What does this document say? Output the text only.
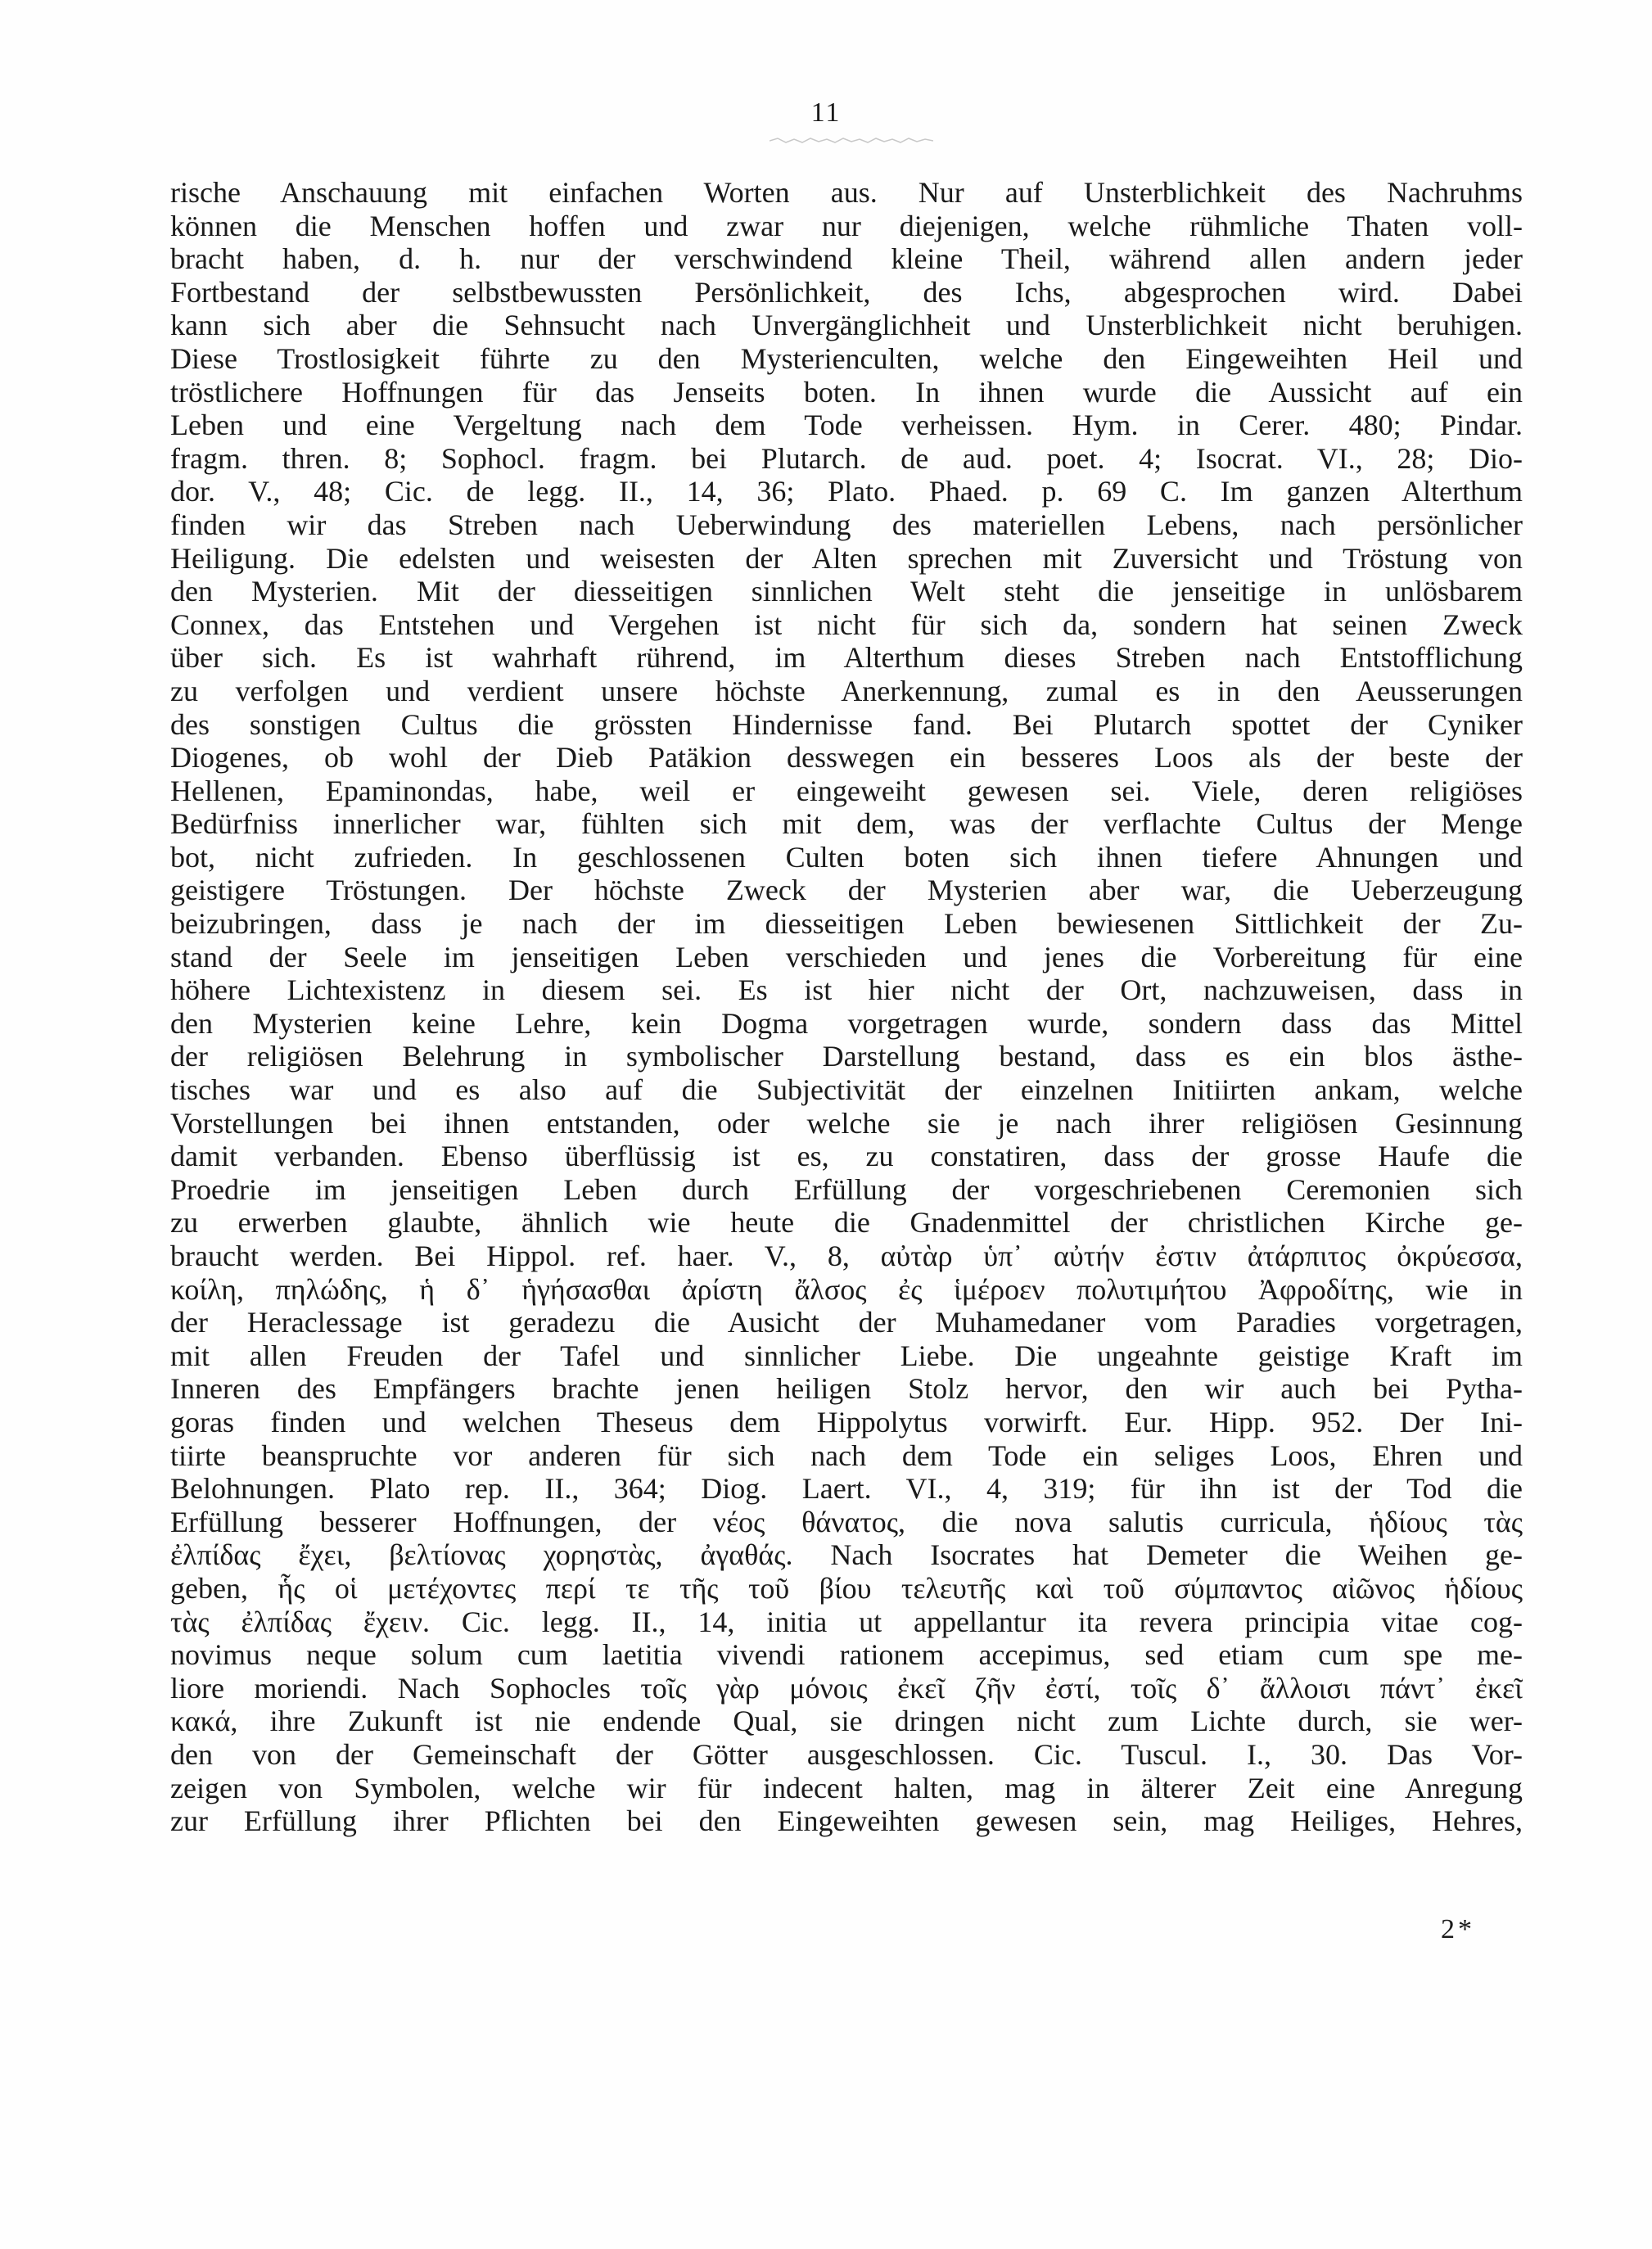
11
rische Anschauung mit einfachen Worten aus. Nur auf Unsterblichkeit des Nachruhms
können die Menschen hoffen und zwar nur diejenigen, welche rühmliche Thaten voll-
bracht haben, d. h. nur der verschwindend kleine Theil, während allen andern jeder
Fortbestand der selbstbewussten Persönlichkeit, des Ichs, abgesprochen wird. Dabei
kann sich aber die Sehnsucht nach Unvergänglichheit und Unsterblichkeit nicht beruhigen.
Diese Trostlosigkeit führte zu den Mysterienculten, welche den Eingeweihten Heil und
tröstlichere Hoffnungen für das Jenseits boten. In ihnen wurde die Aussicht auf ein
Leben und eine Vergeltung nach dem Tode verheissen. Hym. in Cerer. 480; Pindar.
fragm. thren. 8; Sophocl. fragm. bei Plutarch. de aud. poet. 4; Isocrat. VI., 28; Dio-
dor. V., 48; Cic. de legg. II., 14, 36; Plato. Phaed. p. 69 C. Im ganzen Alterthum
finden wir das Streben nach Ueberwindung des materiellen Lebens, nach persönlicher
Heiligung. Die edelsten und weisesten der Alten sprechen mit Zuversicht und Tröstung von
den Mysterien. Mit der diesseitigen sinnlichen Welt steht die jenseitige in unlösbarem
Connex, das Entstehen und Vergehen ist nicht für sich da, sondern hat seinen Zweck
über sich. Es ist wahrhaft rührend, im Alterthum dieses Streben nach Entstofflichung
zu verfolgen und verdient unsere höchste Anerkennung, zumal es in den Aeusserungen
des sonstigen Cultus die grössten Hindernisse fand. Bei Plutarch spottet der Cyniker
Diogenes, ob wohl der Dieb Patäkion desswegen ein besseres Loos als der beste der
Hellenen, Epaminondas, habe, weil er eingeweiht gewesen sei. Viele, deren religiöses
Bedürfniss innerlicher war, fühlten sich mit dem, was der verflachte Cultus der Menge
bot, nicht zufrieden. In geschlossenen Culten boten sich ihnen tiefere Ahnungen und
geistigere Tröstungen. Der höchste Zweck der Mysterien aber war, die Ueberzeugung
beizubringen, dass je nach der im diesseitigen Leben bewiesenen Sittlichkeit der Zu-
stand der Seele im jenseitigen Leben verschieden und jenes die Vorbereitung für eine
höhere Lichtexistenz in diesem sei. Es ist hier nicht der Ort, nachzuweisen, dass in
den Mysterien keine Lehre, kein Dogma vorgetragen wurde, sondern dass das Mittel
der religiösen Belehrung in symbolischer Darstellung bestand, dass es ein blos ästhe-
tisches war und es also auf die Subjectivität der einzelnen Initiirten ankam, welche
Vorstellungen bei ihnen entstanden, oder welche sie je nach ihrer religiösen Gesinnung
damit verbanden. Ebenso überflüssig ist es, zu constatiren, dass der grosse Haufe die
Proedrie im jenseitigen Leben durch Erfüllung der vorgeschriebenen Ceremonien sich
zu erwerben glaubte, ähnlich wie heute die Gnadenmittel der christlichen Kirche ge-
braucht werden. Bei Hippol. ref. haer. V., 8, αὐτὰρ ὑπ᾿ αὐτήν ἐστιν ἀτάρπιτος ὀκρύεσσα,
κοίλη, πηλώδης, ἡ δ᾿ ἡγήσασθαι ἀρίστη ἄλσος ἐς ἱμέροεν πολυτιμήτου Ἀφροδίτης, wie in
der Heraclessage ist geradezu die Ausicht der Muhamedaner vom Paradies vorgetragen,
mit allen Freuden der Tafel und sinnlicher Liebe. Die ungeahnte geistige Kraft im
Inneren des Empfängers brachte jenen heiligen Stolz hervor, den wir auch bei Pytha-
goras finden und welchen Theseus dem Hippolytus vorwirft. Eur. Hipp. 952. Der Ini-
tiirte beanspruchte vor anderen für sich nach dem Tode ein seliges Loos, Ehren und
Belohnungen. Plato rep. II., 364; Diog. Laert. VI., 4, 319; für ihn ist der Tod die
Erfüllung besserer Hoffnungen, der νέος θάνατος, die nova salutis curricula, ἡδίους τὰς
ἐλπίδας ἔχει, βελτίονας χορηστὰς, ἀγαθάς. Nach Isocrates hat Demeter die Weihen ge-
geben, ἧς οἱ μετέχοντες περί τε τῆς τοῦ βίου τελευτῆς καὶ τοῦ σύμπαντος αἰῶνος ἡδίους
τὰς ἐλπίδας ἔχειν. Cic. legg. II., 14, initia ut appellantur ita revera principia vitae cog-
novimus neque solum cum laetitia vivendi rationem accepimus, sed etiam cum spe me-
liore moriendi. Nach Sophocles τοῖς γὰρ μόνοις ἐκεῖ ζῆν ἐστί, τοῖς δ᾿ ἄλλοισι πάντ᾿ ἐκεῖ
κακά, ihre Zukunft ist nie endende Qual, sie dringen nicht zum Lichte durch, sie wer-
den von der Gemeinschaft der Götter ausgeschlossen. Cic. Tuscul. I., 30. Das Vor-
zeigen von Symbolen, welche wir für indecent halten, mag in älterer Zeit eine Anregung
zur Erfüllung ihrer Pflichten bei den Eingeweihten gewesen sein, mag Heiliges, Hehres,
2*
